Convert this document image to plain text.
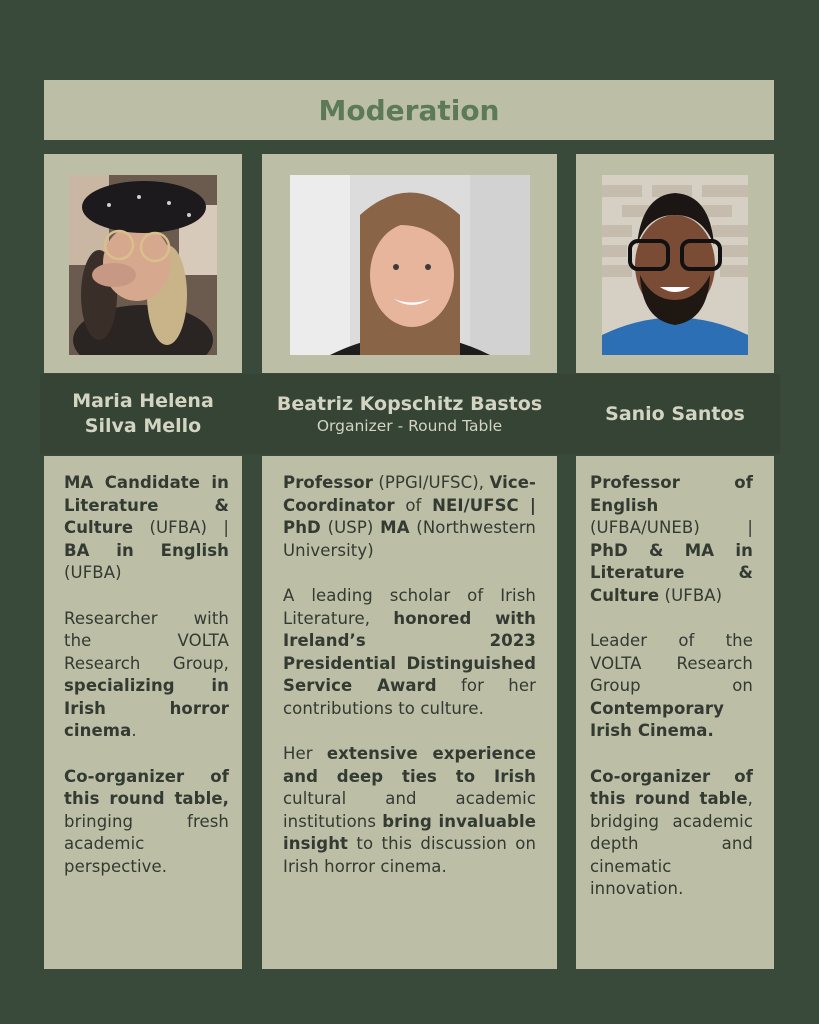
Moderation
Maria Helena
Silva Mello
Beatriz Kopschitz Bastos
Organizer - Round Table
Sanio Santos

MA Candidate in Literature & Culture (UFBA) | BA in English (UFBA)

Researcher with the VOLTA Research Group, specializing in Irish horror cinema.

Co-organizer of this round table, bringing fresh academic perspective.

Professor (PPGI/UFSC), Vice-Coordinator of NEI/UFSC | PhD (USP) MA (Northwestern University)

A leading scholar of Irish Literature, honored with Ireland’s 2023 Presidential Distinguished Service Award for her contributions to culture.

Her extensive experience and deep ties to Irish cultural and academic institutions bring invaluable insight to this discussion on Irish horror cinema.

Professor of English (UFBA/UNEB) | PhD & MA in Literature & Culture (UFBA)

Leader of the VOLTA Research Group on Contemporary Irish Cinema.

Co-organizer of this round table, bridging academic depth and cinematic innovation.
